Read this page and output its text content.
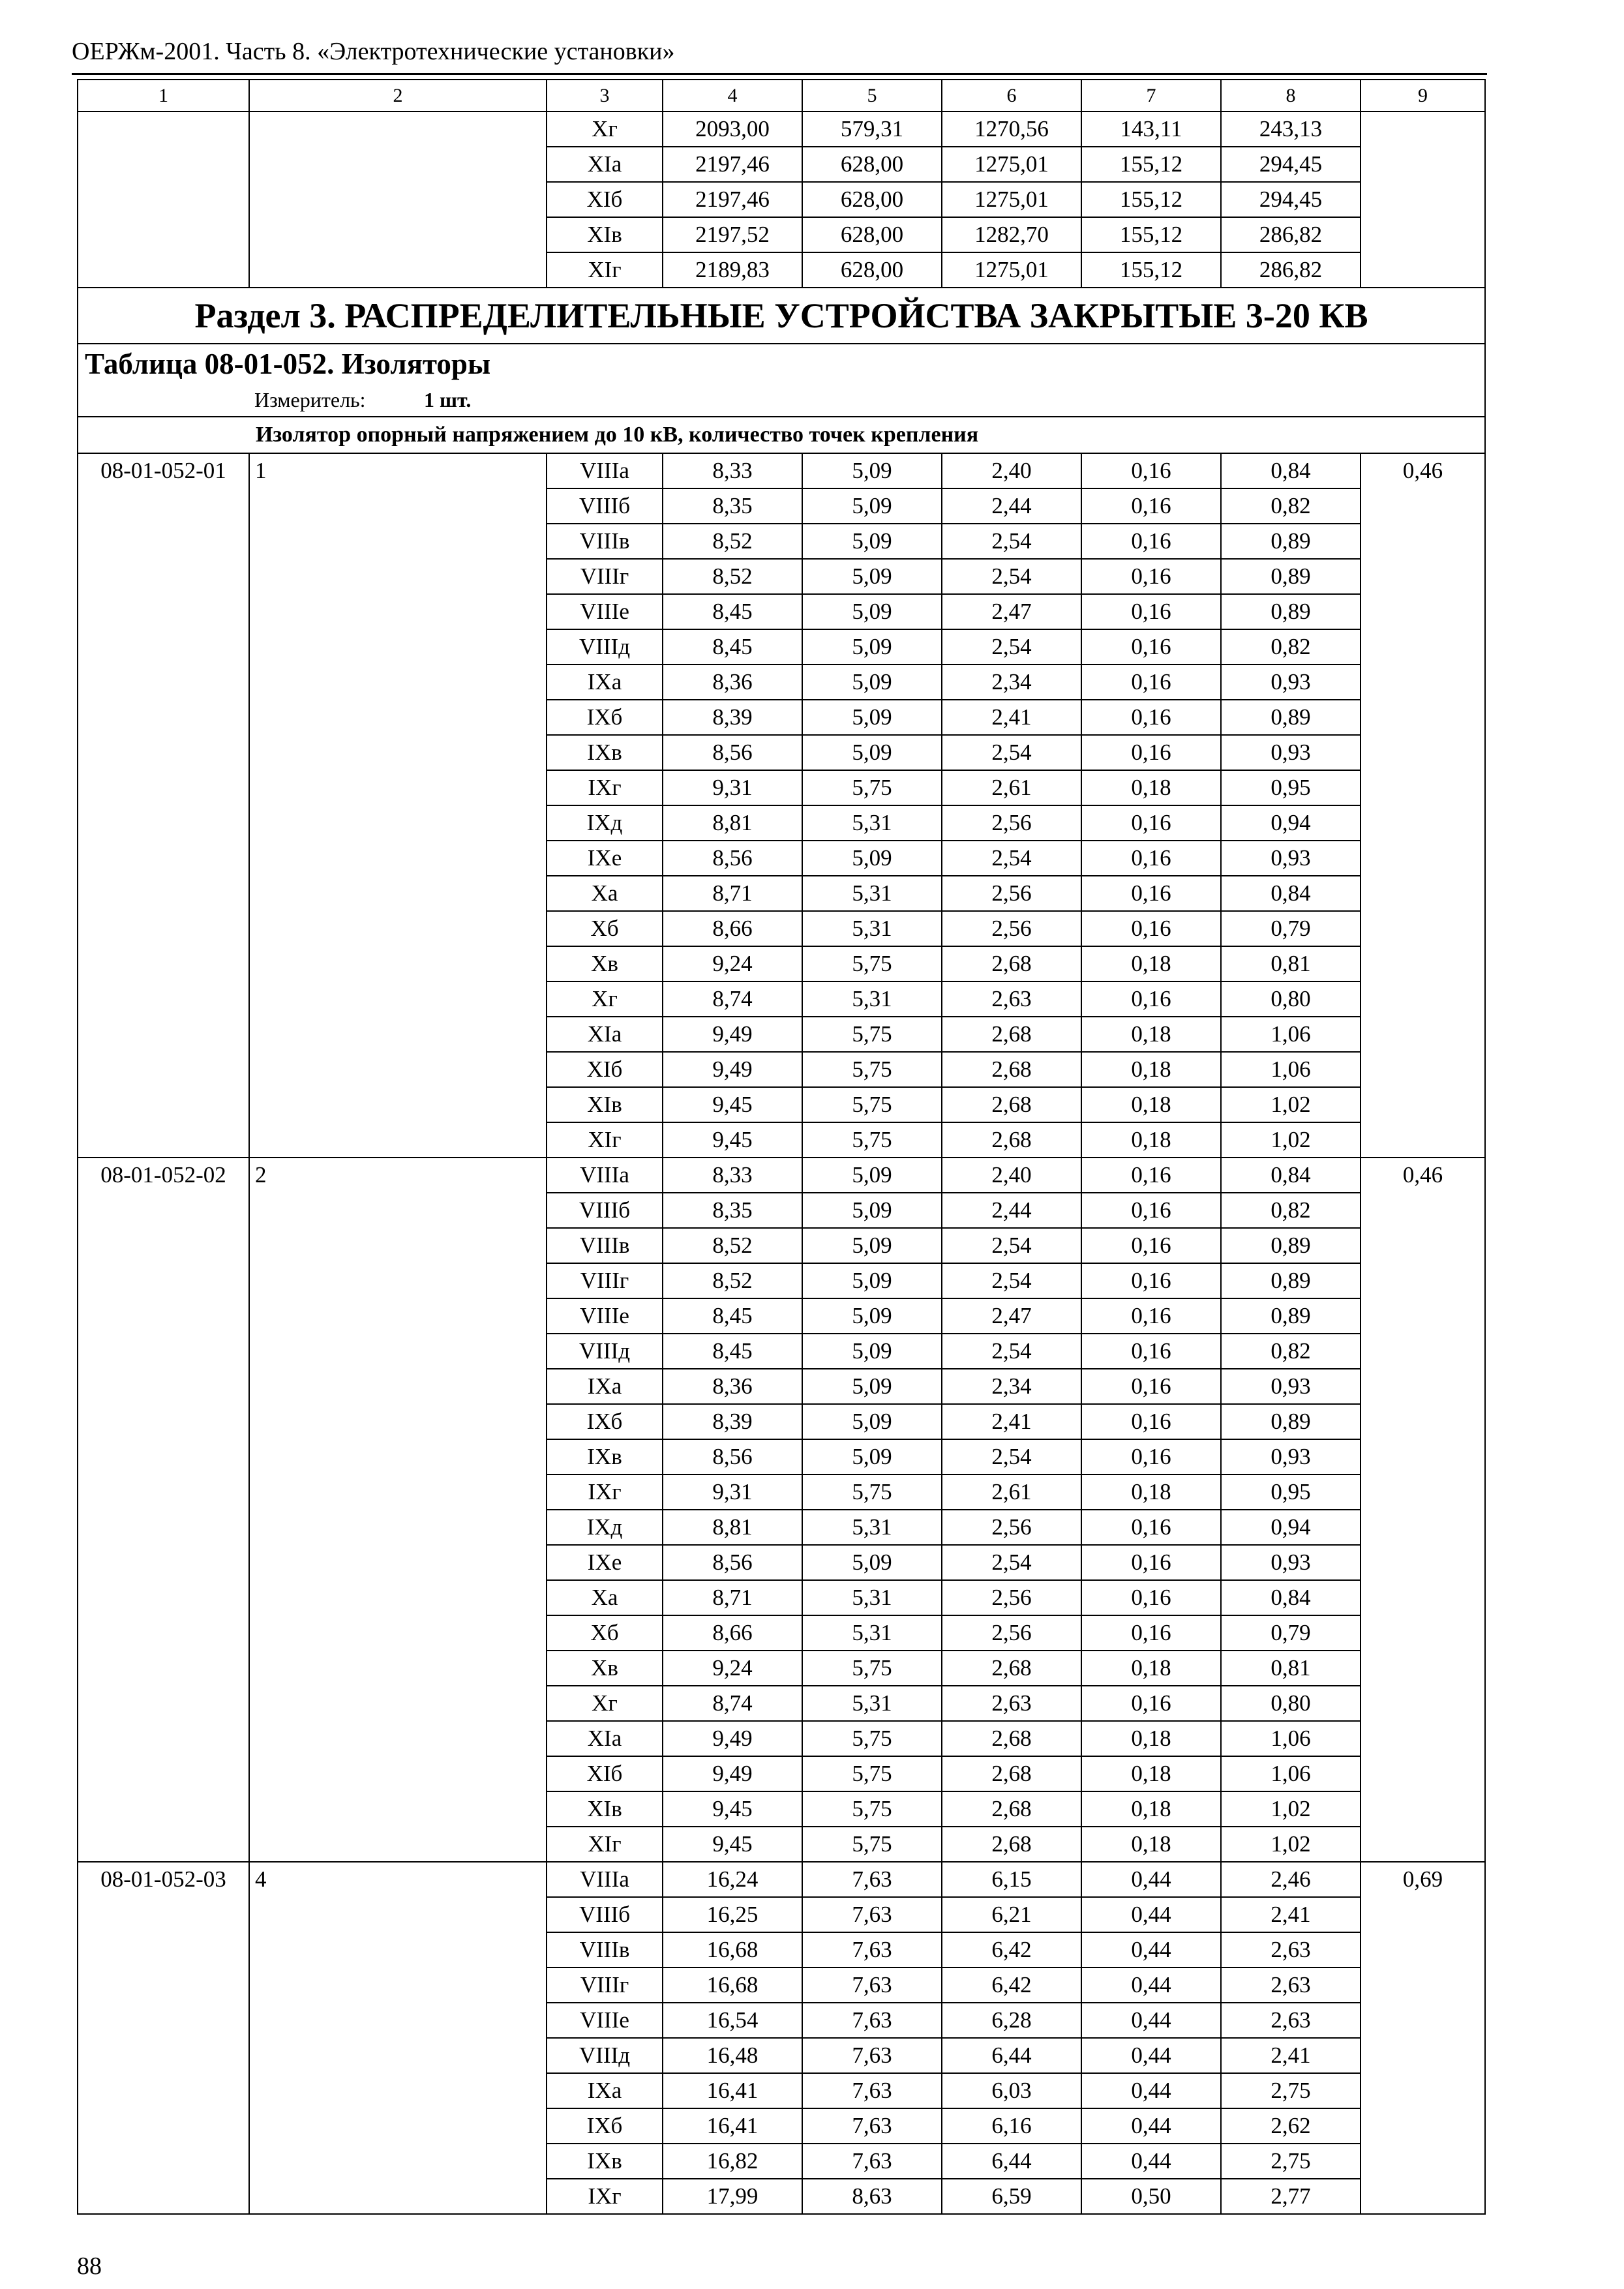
ОЕРЖм-2001. Часть 8. «Электротехнические установки»
1	2	3	4	5	6	7	8	9
		Xг	2093,00	579,31	1270,56	143,11	243,13	
		XIа	2197,46	628,00	1275,01	155,12	294,45	
		XIб	2197,46	628,00	1275,01	155,12	294,45	
		XIв	2197,52	628,00	1282,70	155,12	286,82	
		XIг	2189,83	628,00	1275,01	155,12	286,82	
Раздел 3. РАСПРЕДЕЛИТЕЛЬНЫЕ УСТРОЙСТВА ЗАКРЫТЫЕ 3-20 КВ								
Таблица 08-01-052. Изоляторы								
Измеритель: 1 шт.								
Изолятор опорный напряжением до 10 кВ, количество точек крепления								
08-01-052-01	1	VIIIа	8,33	5,09	2,40	0,16	0,84	0,46
		VIIIб	8,35	5,09	2,44	0,16	0,82	
		VIIIв	8,52	5,09	2,54	0,16	0,89	
		VIIIг	8,52	5,09	2,54	0,16	0,89	
		VIIIе	8,45	5,09	2,47	0,16	0,89	
		VIIIд	8,45	5,09	2,54	0,16	0,82	
		IXа	8,36	5,09	2,34	0,16	0,93	
		IXб	8,39	5,09	2,41	0,16	0,89	
		IXв	8,56	5,09	2,54	0,16	0,93	
		IXг	9,31	5,75	2,61	0,18	0,95	
		IXд	8,81	5,31	2,56	0,16	0,94	
		IXе	8,56	5,09	2,54	0,16	0,93	
		Xа	8,71	5,31	2,56	0,16	0,84	
		Xб	8,66	5,31	2,56	0,16	0,79	
		Xв	9,24	5,75	2,68	0,18	0,81	
		Xг	8,74	5,31	2,63	0,16	0,80	
		XIа	9,49	5,75	2,68	0,18	1,06	
		XIб	9,49	5,75	2,68	0,18	1,06	
		XIв	9,45	5,75	2,68	0,18	1,02	
		XIг	9,45	5,75	2,68	0,18	1,02	
08-01-052-02	2	VIIIа	8,33	5,09	2,40	0,16	0,84	0,46
		VIIIб	8,35	5,09	2,44	0,16	0,82	
		VIIIв	8,52	5,09	2,54	0,16	0,89	
		VIIIг	8,52	5,09	2,54	0,16	0,89	
		VIIIе	8,45	5,09	2,47	0,16	0,89	
		VIIIд	8,45	5,09	2,54	0,16	0,82	
		IXа	8,36	5,09	2,34	0,16	0,93	
		IXб	8,39	5,09	2,41	0,16	0,89	
		IXв	8,56	5,09	2,54	0,16	0,93	
		IXг	9,31	5,75	2,61	0,18	0,95	
		IXд	8,81	5,31	2,56	0,16	0,94	
		IXе	8,56	5,09	2,54	0,16	0,93	
		Xа	8,71	5,31	2,56	0,16	0,84	
		Xб	8,66	5,31	2,56	0,16	0,79	
		Xв	9,24	5,75	2,68	0,18	0,81	
		Xг	8,74	5,31	2,63	0,16	0,80	
		XIа	9,49	5,75	2,68	0,18	1,06	
		XIб	9,49	5,75	2,68	0,18	1,06	
		XIв	9,45	5,75	2,68	0,18	1,02	
		XIг	9,45	5,75	2,68	0,18	1,02	
08-01-052-03	4	VIIIа	16,24	7,63	6,15	0,44	2,46	0,69
		VIIIб	16,25	7,63	6,21	0,44	2,41	
		VIIIв	16,68	7,63	6,42	0,44	2,63	
		VIIIг	16,68	7,63	6,42	0,44	2,63	
		VIIIе	16,54	7,63	6,28	0,44	2,63	
		VIIIд	16,48	7,63	6,44	0,44	2,41	
		IXа	16,41	7,63	6,03	0,44	2,75	
		IXб	16,41	7,63	6,16	0,44	2,62	
		IXв	16,82	7,63	6,44	0,44	2,75	
		IXг	17,99	8,63	6,59	0,50	2,77	
88
